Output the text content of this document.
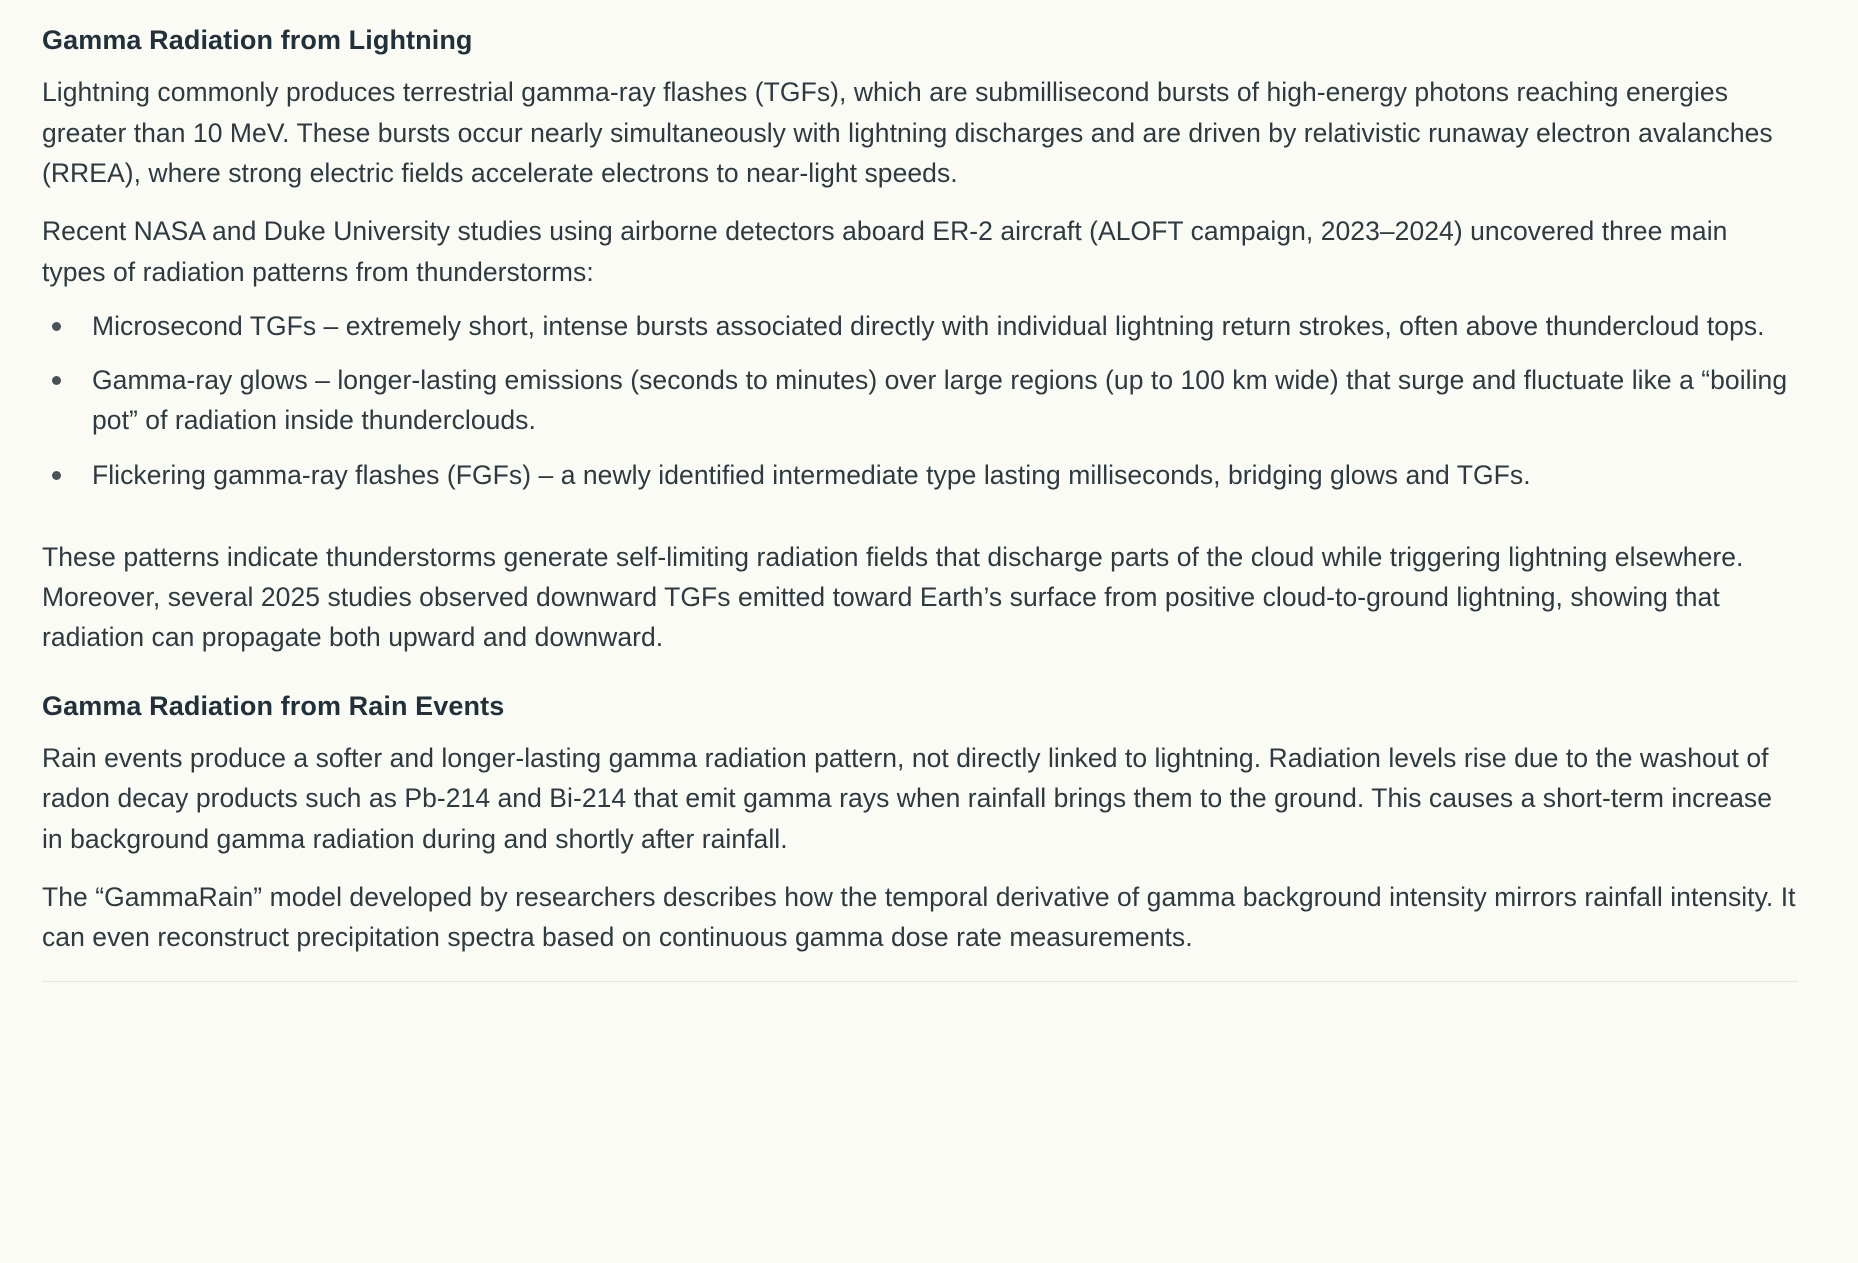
Gamma Radiation from Lightning

Lightning commonly produces terrestrial gamma-ray flashes (TGFs), which are submillisecond bursts of high-energy photons reaching energies greater than 10 MeV. These bursts occur nearly simultaneously with lightning discharges and are driven by relativistic runaway electron avalanches (RREA), where strong electric fields accelerate electrons to near-light speeds.

Recent NASA and Duke University studies using airborne detectors aboard ER-2 aircraft (ALOFT campaign, 2023–2024) uncovered three main types of radiation patterns from thunderstorms:

Microsecond TGFs – extremely short, intense bursts associated directly with individual lightning return strokes, often above thundercloud tops.
Gamma-ray glows – longer-lasting emissions (seconds to minutes) over large regions (up to 100 km wide) that surge and fluctuate like a “boiling pot” of radiation inside thunderclouds.
Flickering gamma-ray flashes (FGFs) – a newly identified intermediate type lasting milliseconds, bridging glows and TGFs.

These patterns indicate thunderstorms generate self-limiting radiation fields that discharge parts of the cloud while triggering lightning elsewhere. Moreover, several 2025 studies observed downward TGFs emitted toward Earth’s surface from positive cloud-to-ground lightning, showing that radiation can propagate both upward and downward.

Gamma Radiation from Rain Events

Rain events produce a softer and longer-lasting gamma radiation pattern, not directly linked to lightning. Radiation levels rise due to the washout of radon decay products such as Pb-214 and Bi-214 that emit gamma rays when rainfall brings them to the ground. This causes a short-term increase in background gamma radiation during and shortly after rainfall.

The “GammaRain” model developed by researchers describes how the temporal derivative of gamma background intensity mirrors rainfall intensity. It can even reconstruct precipitation spectra based on continuous gamma dose rate measurements.
